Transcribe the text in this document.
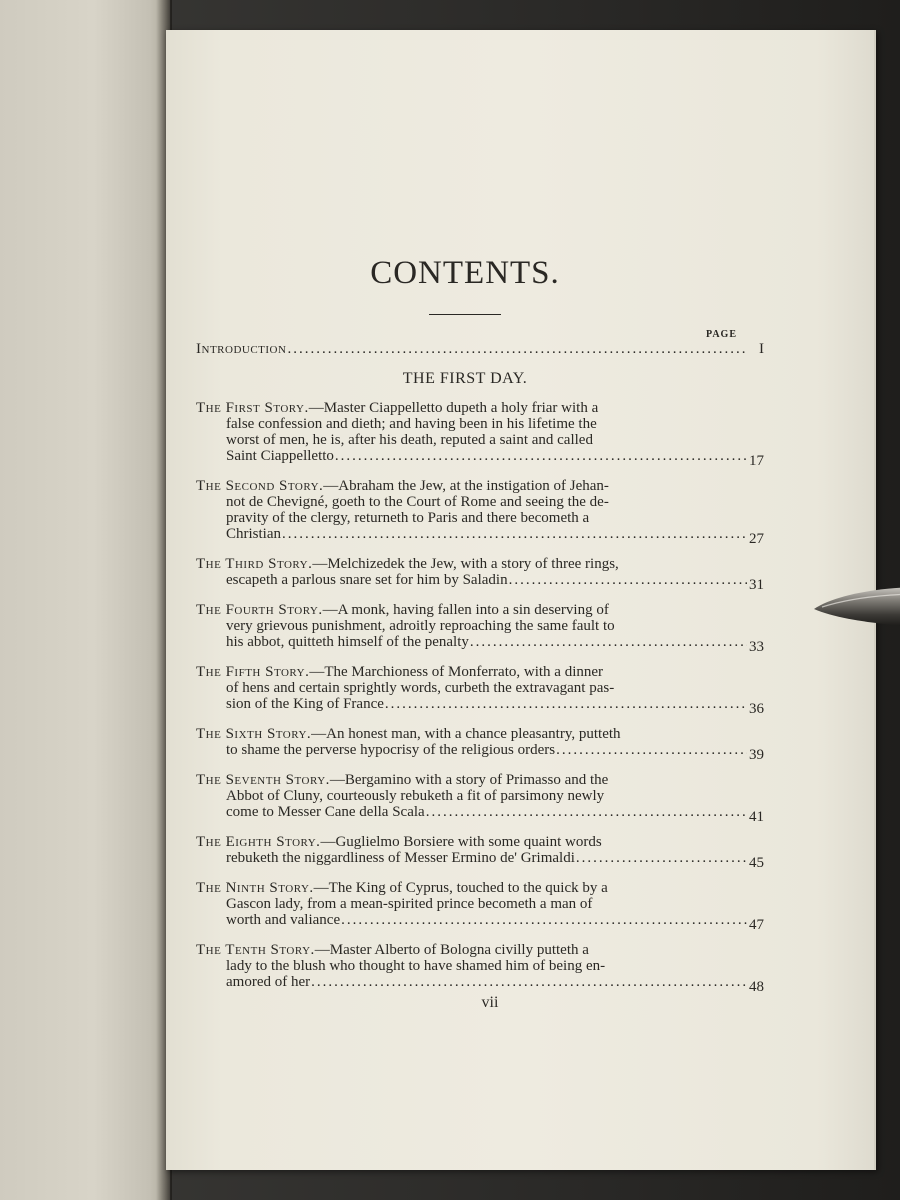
CONTENTS.
PAGE
Introduction .....	I
THE FIRST DAY.
The First Story.—Master Ciappelletto dupeth a holy friar with a
false confession and dieth; and having been in his lifetime the
worst of men, he is, after his death, reputed a saint and called
Saint Ciappelletto .....	17
The Second Story.—Abraham the Jew, at the instigation of Jehan-
not de Chevigné, goeth to the Court of Rome and seeing the de-
pravity of the clergy, returneth to Paris and there becometh a
Christian .....	27
The Third Story.—Melchizedek the Jew, with a story of three rings,
escapeth a parlous snare set for him by Saladin .....	31
The Fourth Story.—A monk, having fallen into a sin deserving of
very grievous punishment, adroitly reproaching the same fault to
his abbot, quitteth himself of the penalty .....	33
The Fifth Story.—The Marchioness of Monferrato, with a dinner
of hens and certain sprightly words, curbeth the extravagant pas-
sion of the King of France .....	36
The Sixth Story.—An honest man, with a chance pleasantry, putteth
to shame the perverse hypocrisy of the religious orders .....	39
The Seventh Story.—Bergamino with a story of Primasso and the
Abbot of Cluny, courteously rebuketh a fit of parsimony newly
come to Messer Cane della Scala .....	41
The Eighth Story.—Guglielmo Borsiere with some quaint words
rebuketh the niggardliness of Messer Ermino de' Grimaldi .....	45
The Ninth Story.—The King of Cyprus, touched to the quick by a
Gascon lady, from a mean-spirited prince becometh a man of
worth and valiance .....	47
The Tenth Story.—Master Alberto of Bologna civilly putteth a
lady to the blush who thought to have shamed him of being en-
amored of her .....	48
vii
